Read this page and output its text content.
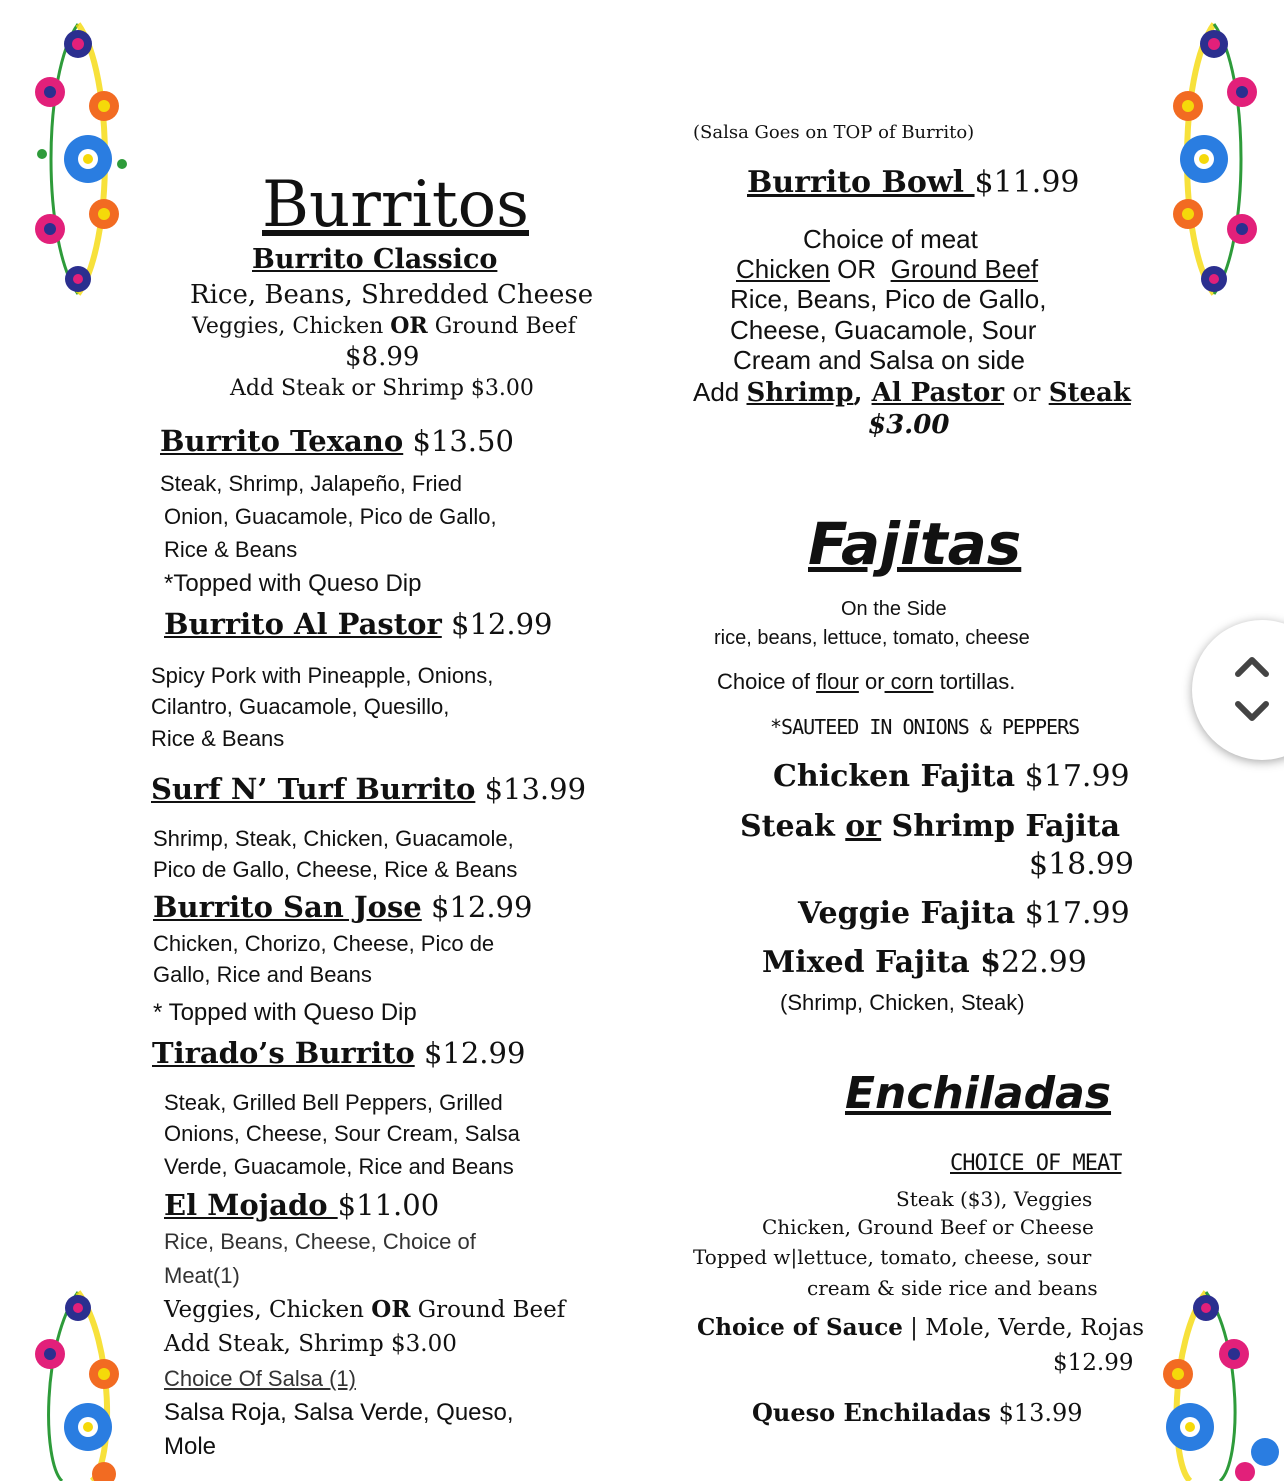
Burritos
Burrito Classico
Rice, Beans, Shredded Cheese
Veggies, Chicken OR Ground Beef
$8.99
Add Steak or Shrimp $3.00
Burrito Texano $13.50
Steak, Shrimp, Jalapeño, Fried
Onion, Guacamole, Pico de Gallo,
Rice & Beans
*Topped with Queso Dip
Burrito Al Pastor $12.99
Spicy Pork with Pineapple, Onions,
Cilantro, Guacamole, Quesillo,
Rice & Beans
Surf N’ Turf Burrito $13.99
Shrimp, Steak, Chicken, Guacamole,
Pico de Gallo, Cheese, Rice & Beans
Burrito San Jose $12.99
Chicken, Chorizo, Cheese, Pico de
Gallo, Rice and Beans
* Topped with Queso Dip
Tirado’s Burrito $12.99
Steak, Grilled Bell Peppers, Grilled
Onions, Cheese, Sour Cream, Salsa
Verde, Guacamole, Rice and Beans
El Mojado $11.00
Rice, Beans, Cheese, Choice of
Meat(1)
Veggies, Chicken OR Ground Beef
Add Steak, Shrimp $3.00
Choice Of Salsa (1)
Salsa Roja, Salsa Verde, Queso,
Mole
(Salsa Goes on TOP of Burrito)
Burrito Bowl $11.99
Choice of meat
Chicken OR  Ground Beef
Rice, Beans, Pico de Gallo,
Cheese, Guacamole, Sour
Cream and Salsa on side
Add Shrimp, Al Pastor or Steak
$3.00
Fajitas
On the Side
rice, beans, lettuce, tomato, cheese
Choice of flour or corn tortillas.
*SAUTEED IN ONIONS & PEPPERS
Chicken Fajita $17.99
Steak or Shrimp Fajita
$18.99
Veggie Fajita $17.99
Mixed Fajita $22.99
(Shrimp, Chicken, Steak)
Enchiladas
CHOICE OF MEAT
Steak ($3), Veggies
Chicken, Ground Beef or Cheese
Topped w|lettuce, tomato, cheese, sour
cream & side rice and beans
Choice of Sauce | Mole, Verde, Rojas
$12.99
Queso Enchiladas $13.99
